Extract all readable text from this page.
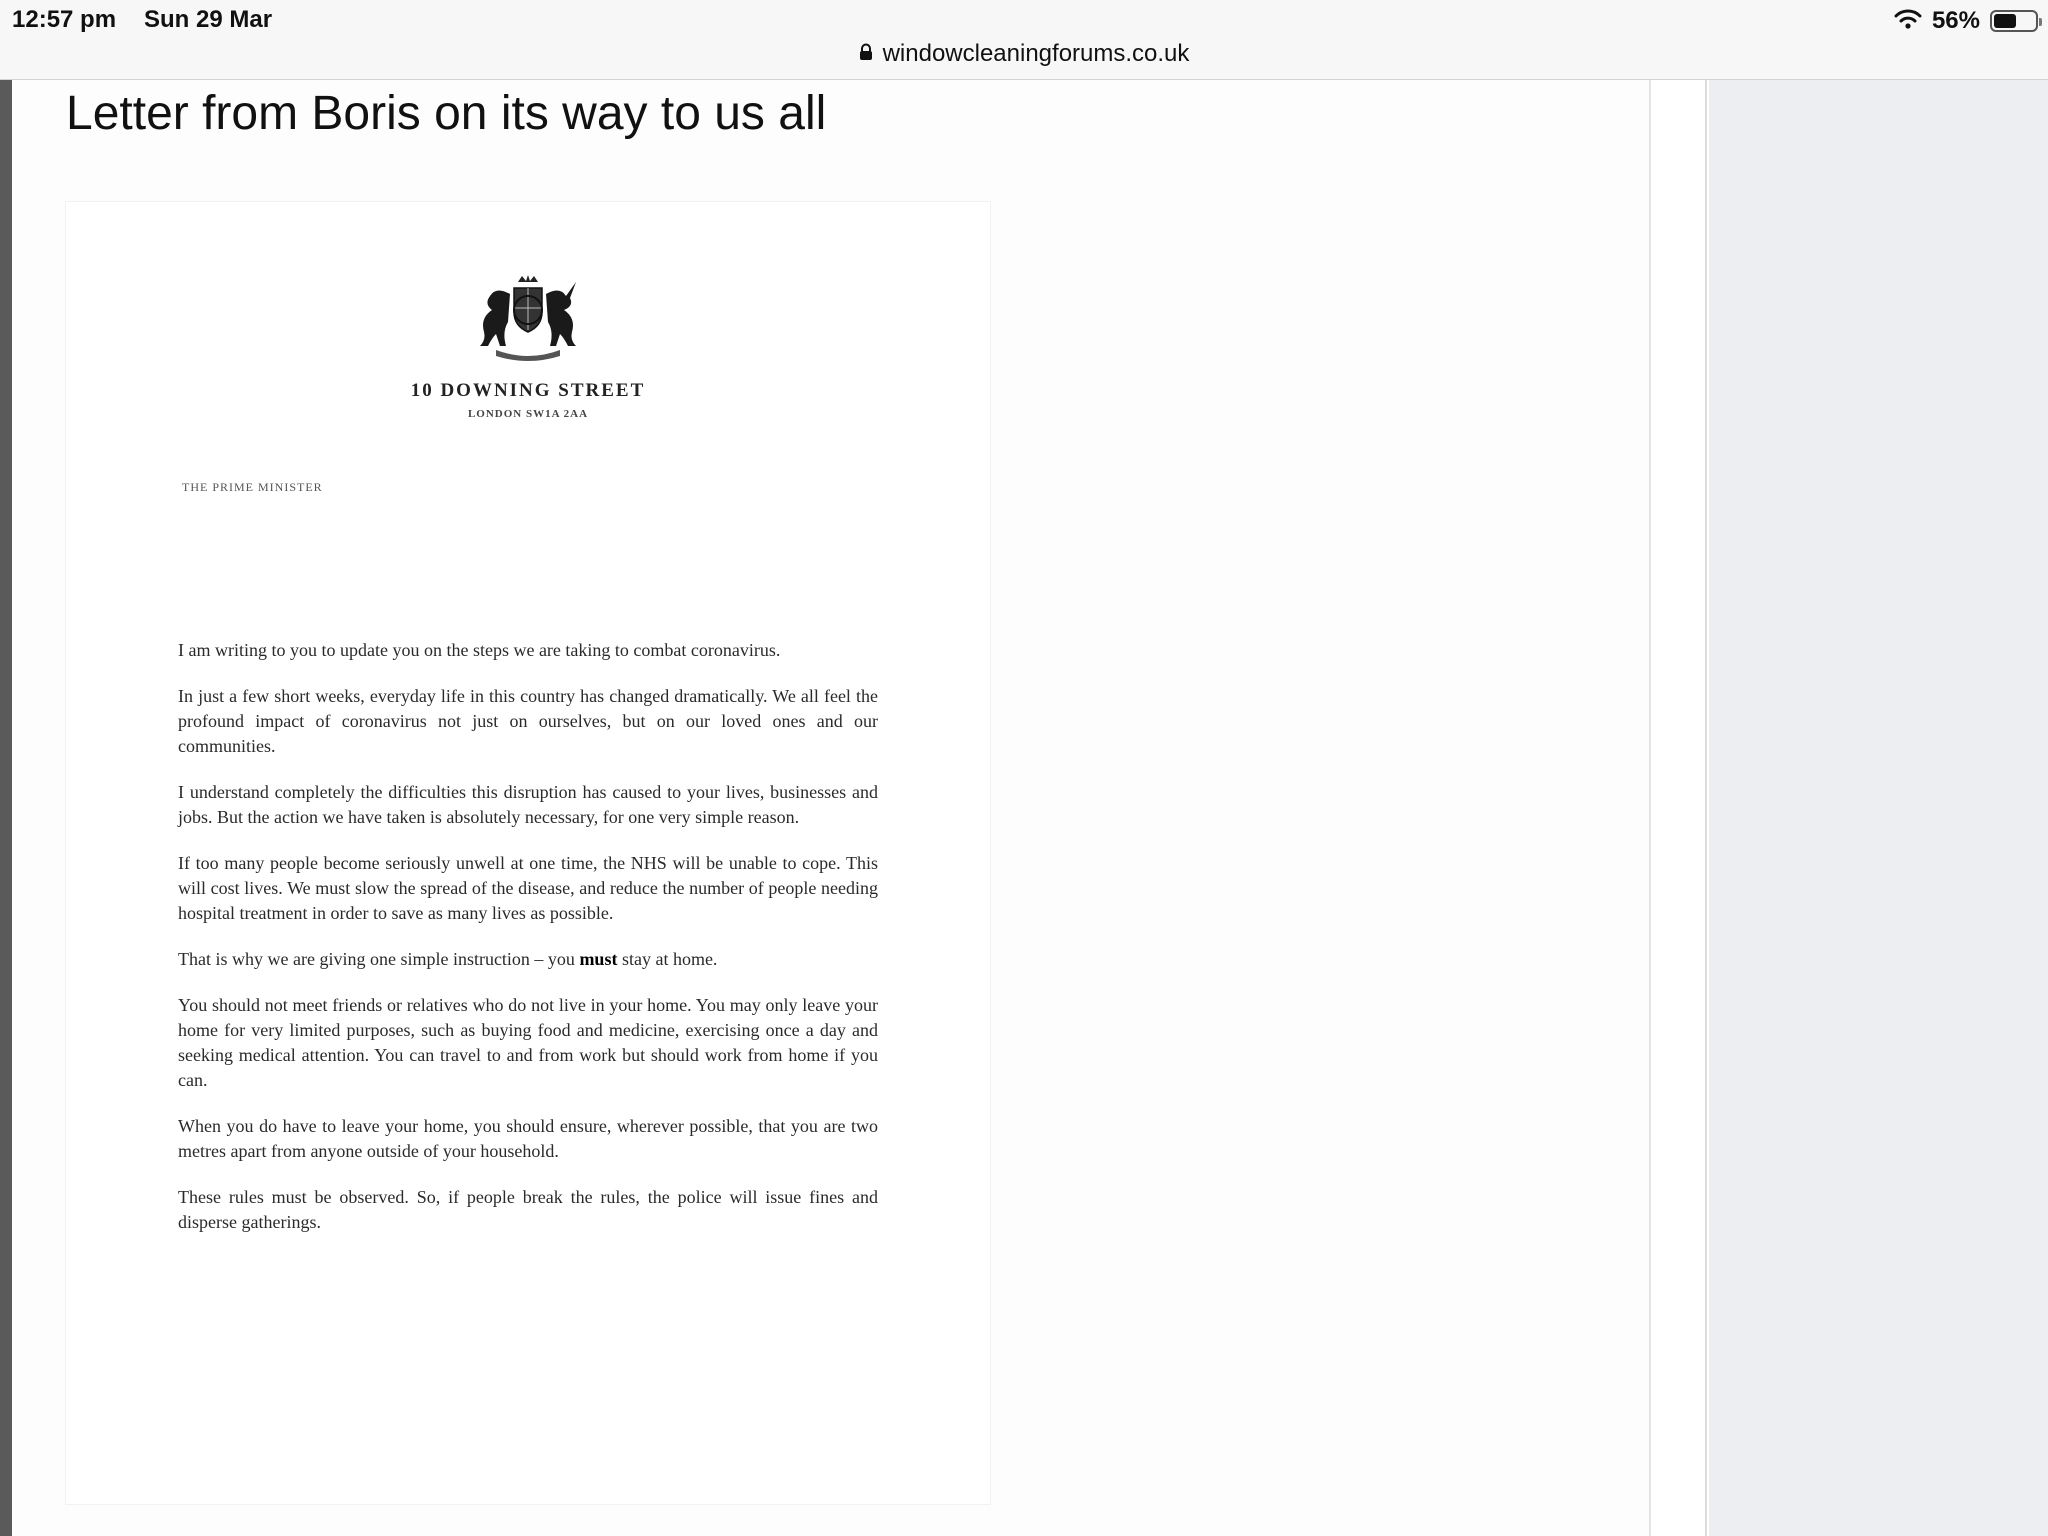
12:57 pm Sun 29 Mar	56%
windowcleaningforums.co.uk
Letter from Boris on its way to us all
10 DOWNING STREET
LONDON SW1A 2AA
THE PRIME MINISTER

I am writing to you to update you on the steps we are taking to combat coronavirus.

In just a few short weeks, everyday life in this country has changed dramatically. We all feel the profound impact of coronavirus not just on ourselves, but on our loved ones and our communities.

I understand completely the difficulties this disruption has caused to your lives, businesses and jobs. But the action we have taken is absolutely necessary, for one very simple reason.

If too many people become seriously unwell at one time, the NHS will be unable to cope. This will cost lives. We must slow the spread of the disease, and reduce the number of people needing hospital treatment in order to save as many lives as possible.

That is why we are giving one simple instruction – you must stay at home.

You should not meet friends or relatives who do not live in your home. You may only leave your home for very limited purposes, such as buying food and medicine, exercising once a day and seeking medical attention. You can travel to and from work but should work from home if you can.

When you do have to leave your home, you should ensure, wherever possible, that you are two metres apart from anyone outside of your household.

These rules must be observed. So, if people break the rules, the police will issue fines and disperse gatherings.
